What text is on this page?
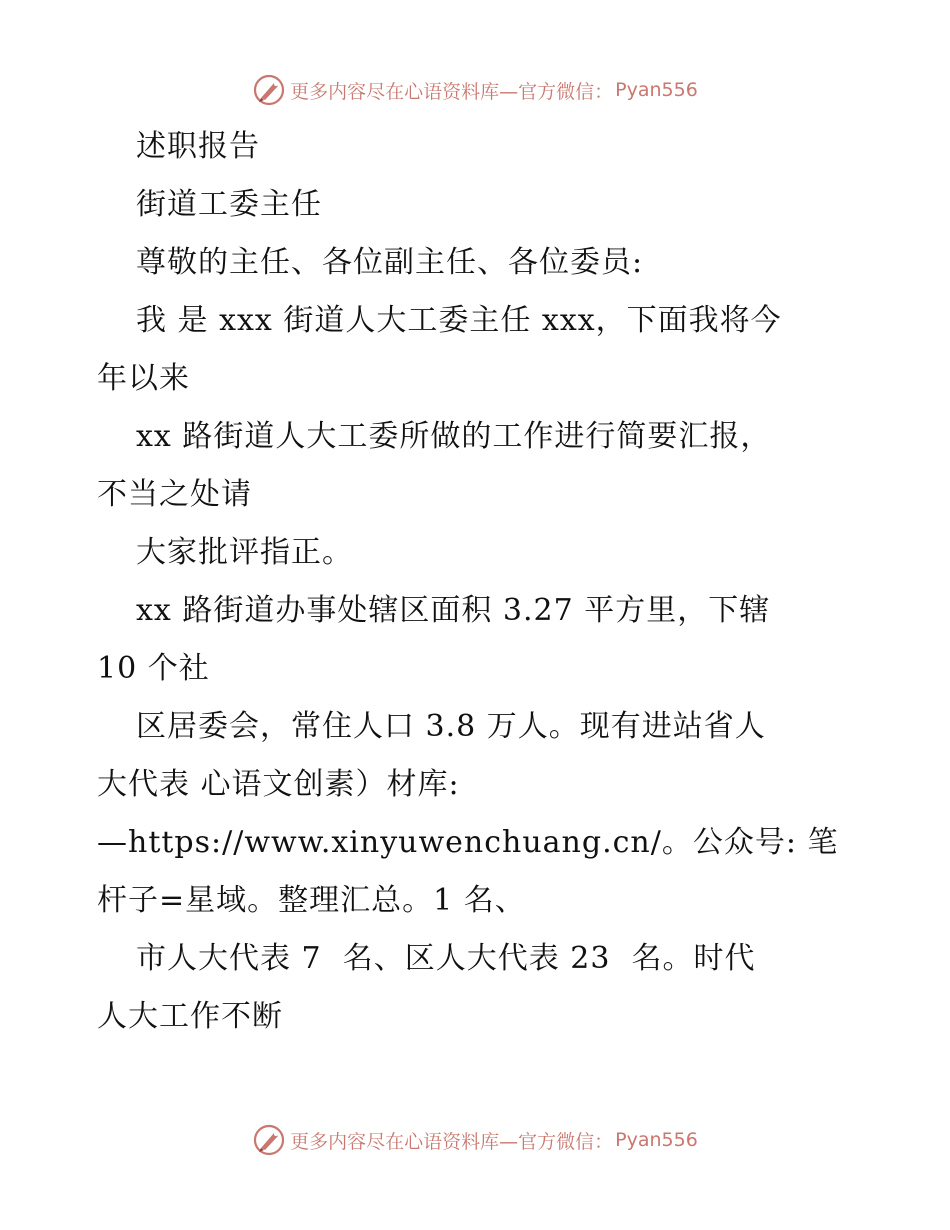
更多内容尽在心语资料库—官方微信： Pyan556
述职报告
街道工委主任
尊敬的主任、各位副主任、各位委员:
我 是 xxx 街道人大工委主任 xxx，下面我将今
年以来
xx 路街道人大工委所做的工作进行简要汇报，
不当之处请
大家批评指正。
xx 路街道办事处辖区面积 3.27 平方里，下辖
10 个社
区居委会，常住人口 3.8 万人。现有进站省人
大代表 心语文创素）材库:
—https://www.xinyuwenchuang.cn/。公众号: 笔
杆子=星域。整理汇总。1 名、
市人大代表 7  名、区人大代表 23  名。时代
人大工作不断
更多内容尽在心语资料库—官方微信： Pyan556
